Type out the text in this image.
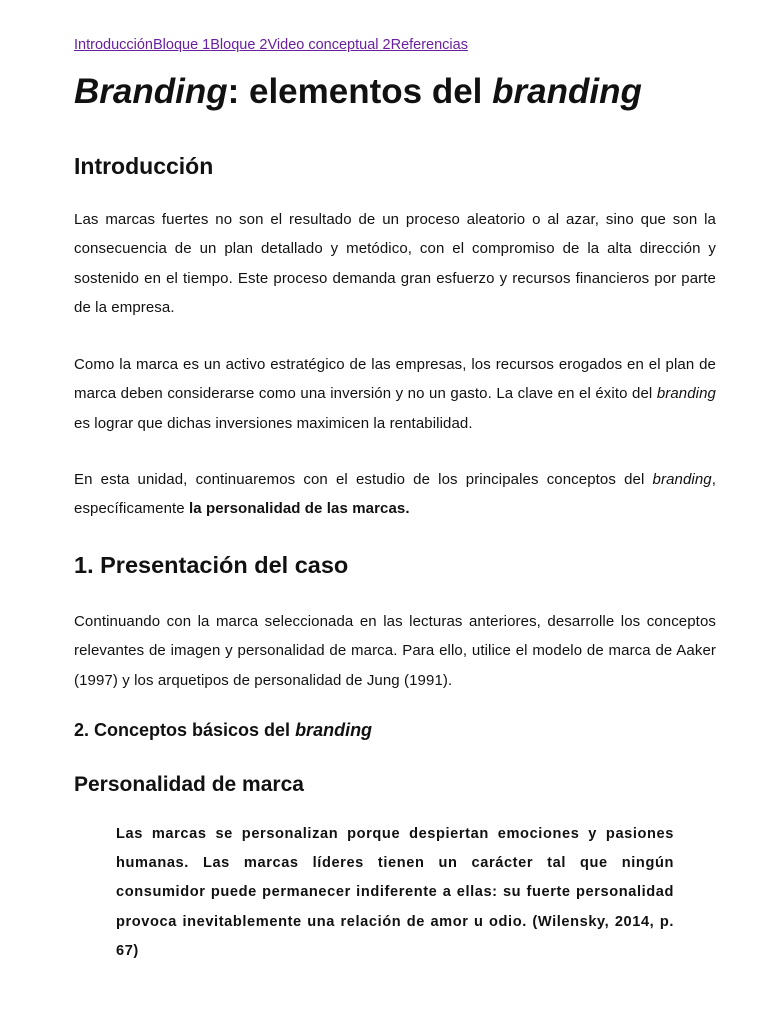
IntroducciónBloque 1Bloque 2Video conceptual 2Referencias
Branding: elementos del branding
Introducción

Las marcas fuertes no son el resultado de un proceso aleatorio o al azar, sino que son la consecuencia de un plan detallado y metódico, con el compromiso de la alta dirección y sostenido en el tiempo. Este proceso demanda gran esfuerzo y recursos financieros por parte de la empresa.

Como la marca es un activo estratégico de las empresas, los recursos erogados en el plan de marca deben considerarse como una inversión y no un gasto. La clave en el éxito del branding es lograr que dichas inversiones maximicen la rentabilidad.

En esta unidad, continuaremos con el estudio de los principales conceptos del branding, específicamente la personalidad de las marcas.

1. Presentación del caso

Continuando con la marca seleccionada en las lecturas anteriores, desarrolle los conceptos relevantes de imagen y personalidad de marca. Para ello, utilice el modelo de marca de Aaker (1997) y los arquetipos de personalidad de Jung (1991).

2. Conceptos básicos del branding
Personalidad de marca
Las marcas se personalizan porque despiertan emociones y pasiones humanas. Las marcas líderes tienen un carácter tal que ningún consumidor puede permanecer indiferente a ellas: su fuerte personalidad provoca inevitablemente una relación de amor u odio. (Wilensky, 2014, p. 67)
